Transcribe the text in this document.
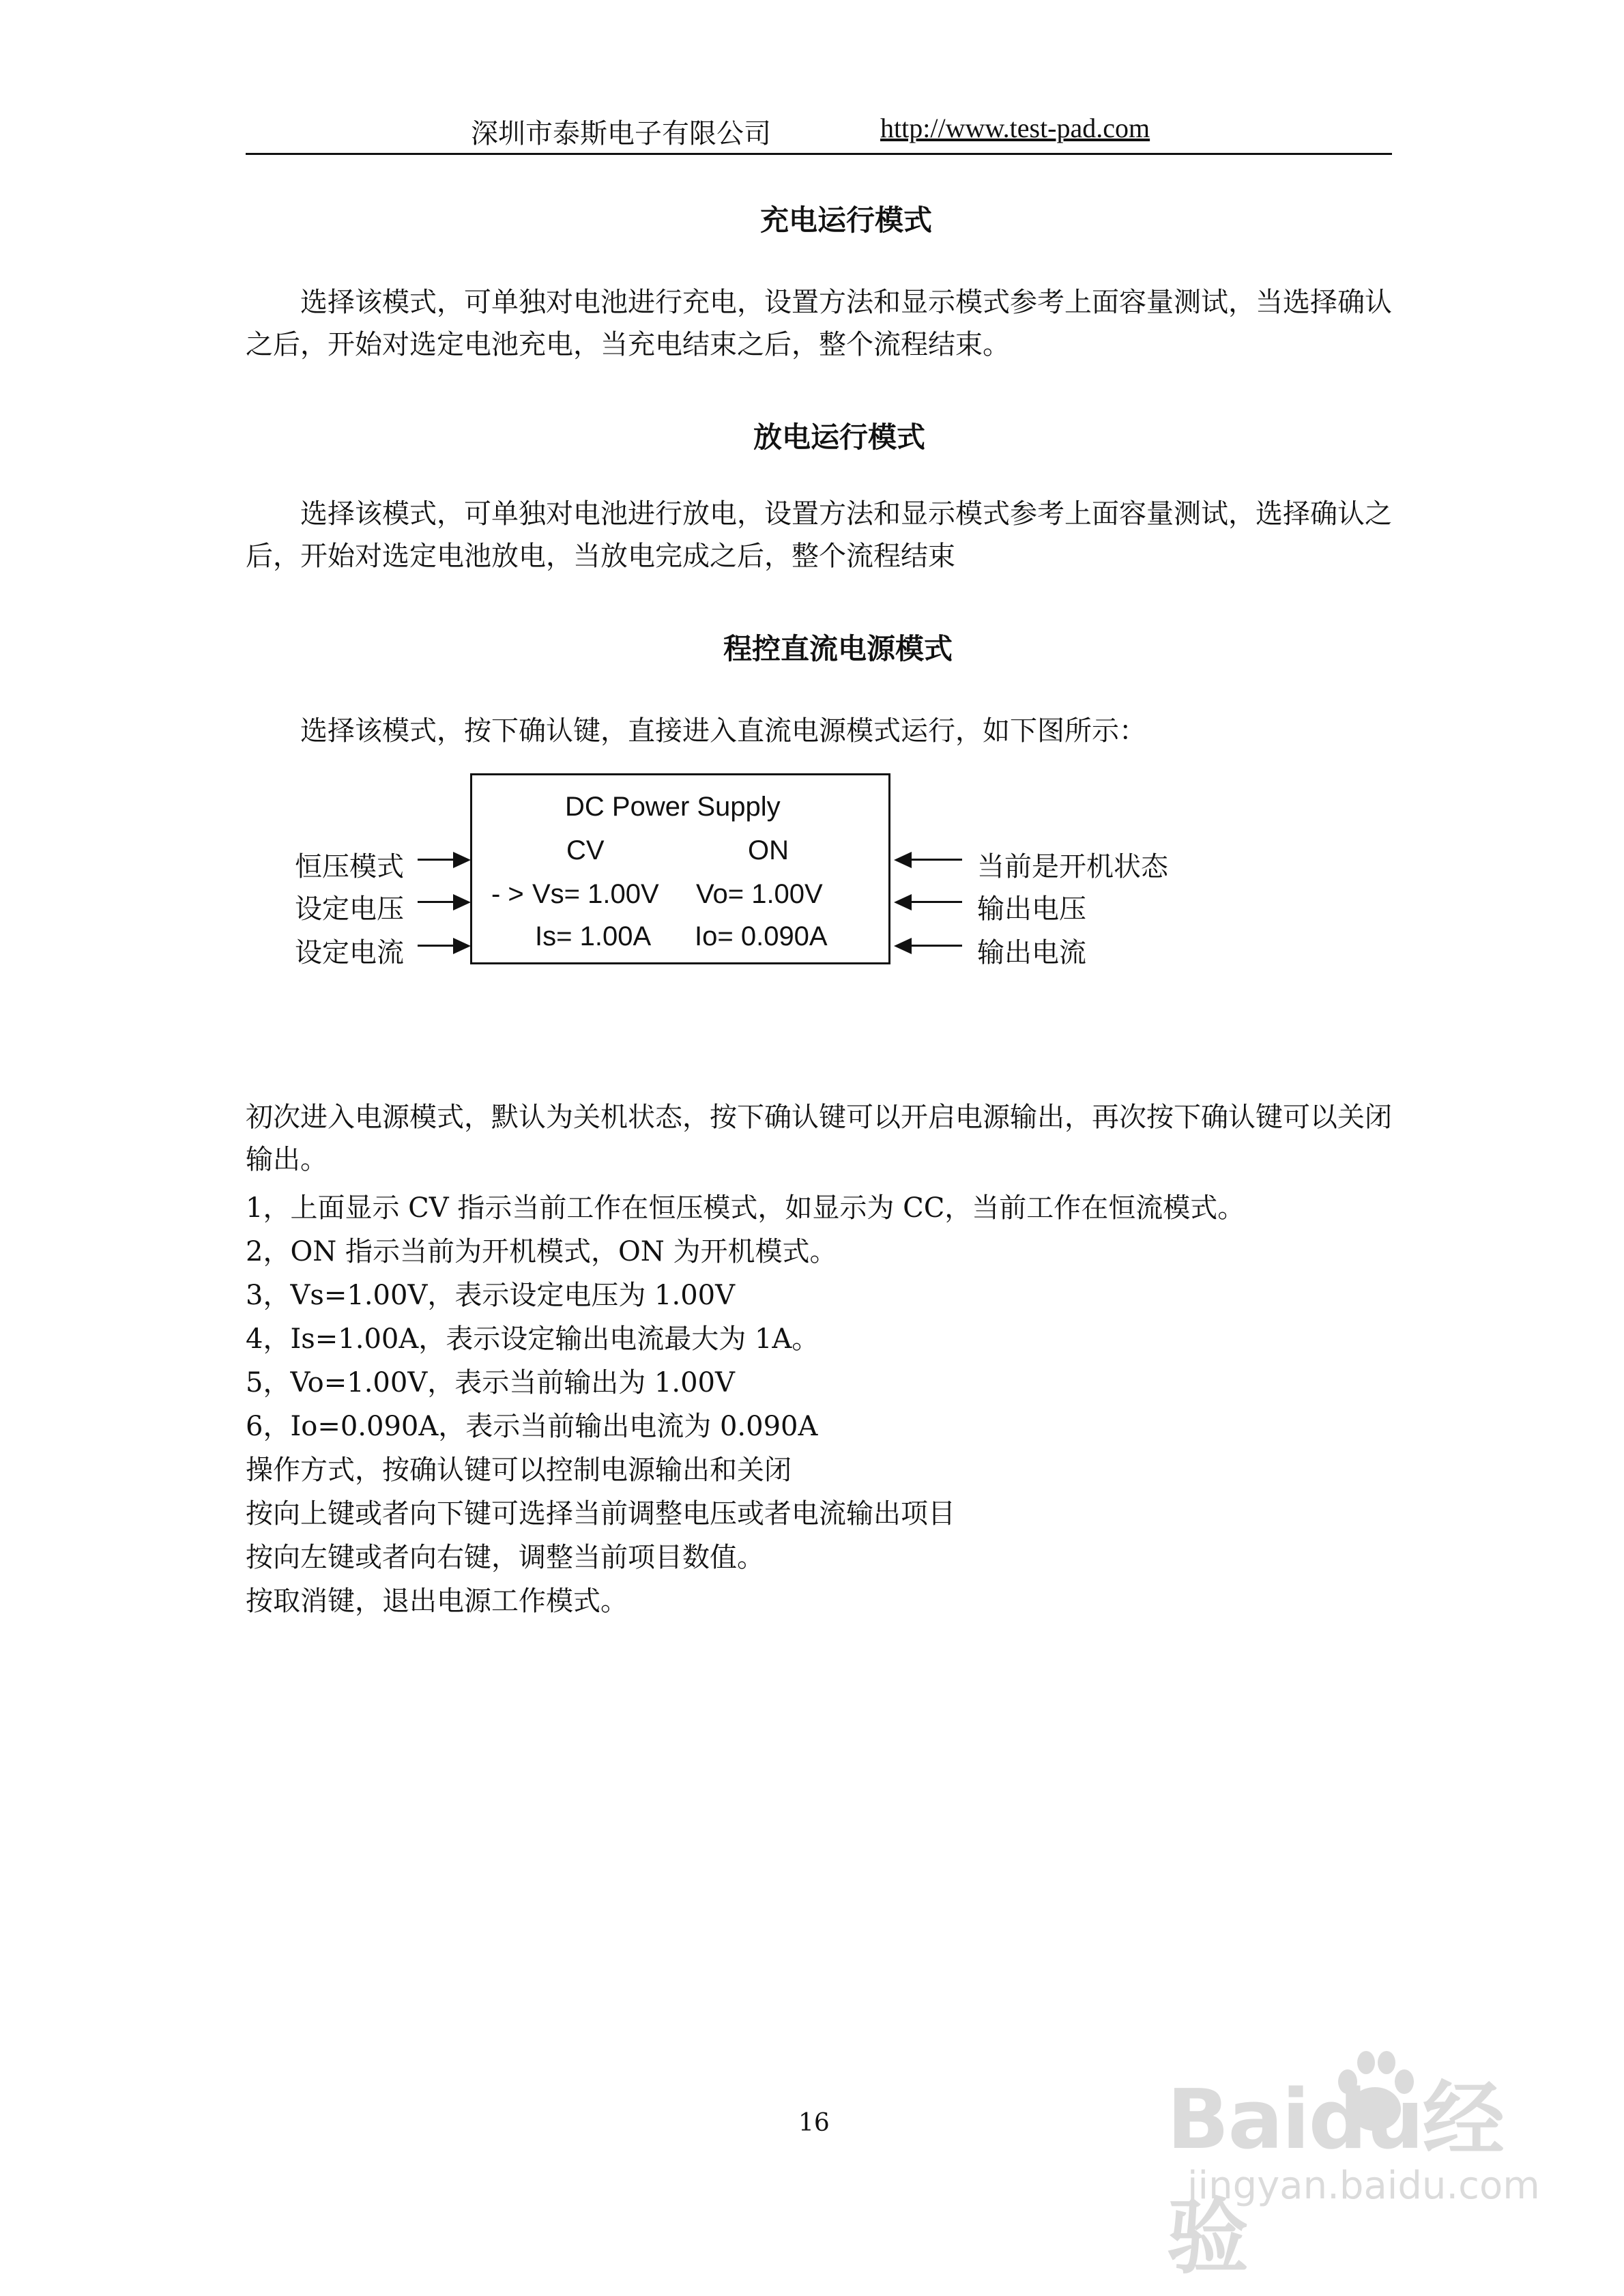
深圳市泰斯电子有限公司	http://www.test-pad.com
充电运行模式
选择该模式，可单独对电池进行充电，设置方法和显示模式参考上面容量测试，当选择确认之后，开始对选定电池充电，当充电结束之后，整个流程结束。
放电运行模式
选择该模式，可单独对电池进行放电，设置方法和显示模式参考上面容量测试，选择确认之后，开始对选定电池放电，当放电完成之后，整个流程结束
程控直流电源模式
选择该模式，按下确认键，直接进入直流电源模式运行，如下图所示：
DC Power Supply
CV	ON
- > Vs= 1.00V Vo= 1.00V
Is= 1.00A Io= 0.090A
恒压模式
设定电压
设定电流
当前是开机状态
输出电压
输出电流
初次进入电源模式，默认为关机状态，按下确认键可以开启电源输出，再次按下确认键可以关闭输出。
1，上面显示 CV 指示当前工作在恒压模式，如显示为 CC，当前工作在恒流模式。
2，ON 指示当前为开机模式，ON 为开机模式。
3，Vs=1.00V，表示设定电压为 1.00V
4，Is=1.00A，表示设定输出电流最大为 1A。
5，Vo=1.00V，表示当前输出为 1.00V
6，Io=0.090A，表示当前输出电流为 0.090A
操作方式，按确认键可以控制电源输出和关闭
按向上键或者向下键可选择当前调整电压或者电流输出项目
按向左键或者向右键，调整当前项目数值。
按取消键，退出电源工作模式。
16	Baidu经验
jingyan.baidu.com
